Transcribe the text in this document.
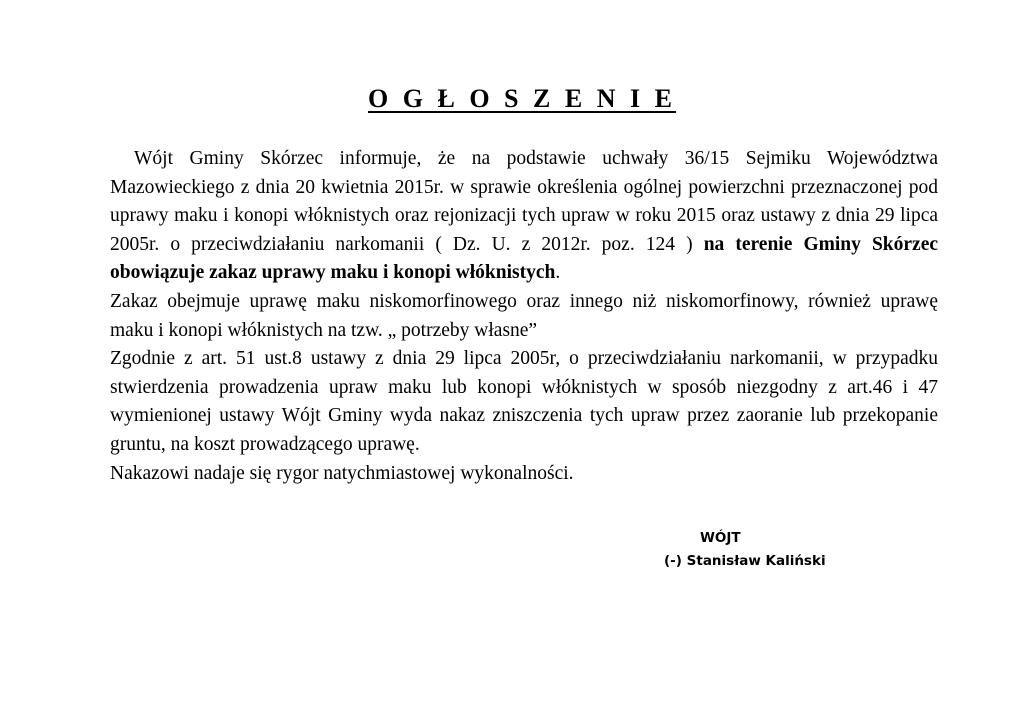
O G Ł O S Z E N I E

Wójt Gminy Skórzec informuje, że na podstawie uchwały 36/15 Sejmiku Województwa Mazowieckiego z dnia 20 kwietnia 2015r. w sprawie określenia ogólnej powierzchni przeznaczonej pod uprawy maku i konopi włóknistych oraz rejonizacji tych upraw w roku 2015 oraz ustawy z dnia 29 lipca 2005r. o przeciwdziałaniu narkomanii ( Dz. U. z 2012r. poz. 124 ) na terenie Gminy Skórzec obowiązuje zakaz uprawy maku i konopi włóknistych.

Zakaz obejmuje uprawę maku niskomorfinowego oraz innego niż niskomorfinowy, również uprawę maku i konopi włóknistych na tzw. „ potrzeby własne”

Zgodnie z art. 51 ust.8 ustawy z dnia 29 lipca 2005r, o przeciwdziałaniu narkomanii, w przypadku stwierdzenia prowadzenia upraw maku lub konopi włóknistych w sposób niezgodny z art.46 i 47 wymienionej ustawy Wójt Gminy wyda nakaz zniszczenia tych upraw przez zaoranie lub przekopanie gruntu, na koszt prowadzącego uprawę.

Nakazowi nadaje się rygor natychmiastowej wykonalności.

WÓJT
(-) Stanisław Kaliński
